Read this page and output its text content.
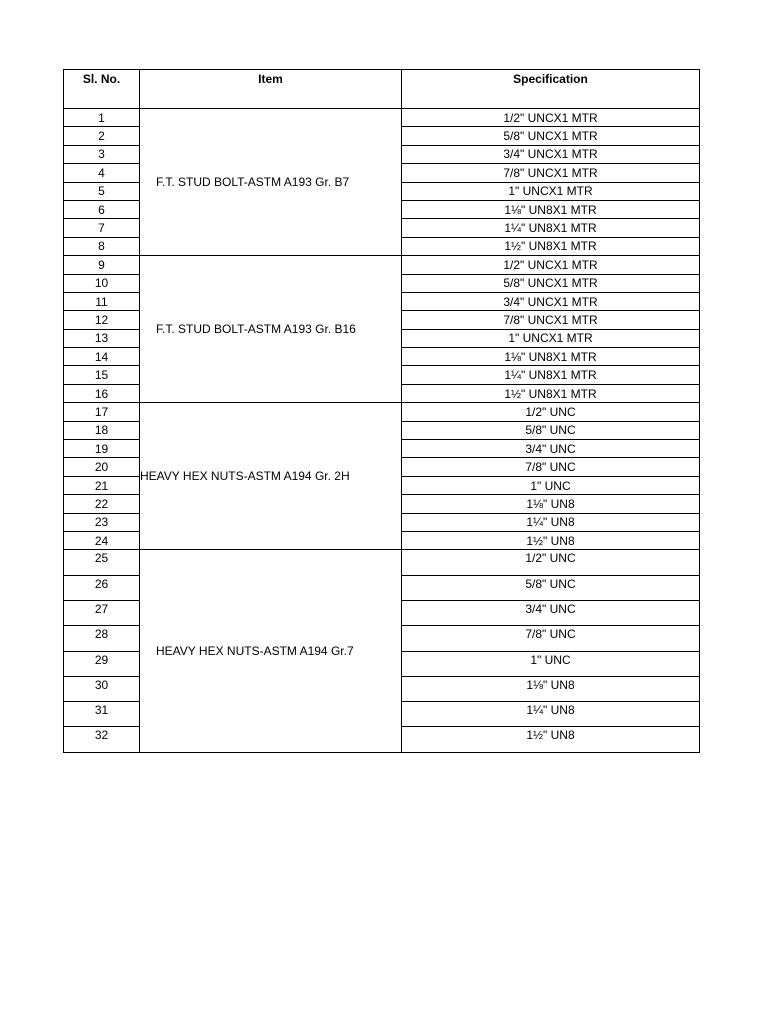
Sl. No.	Item	Specification
1	F.T. STUD BOLT-ASTM A193 Gr. B7	1/2" UNCX1 MTR
2		5/8" UNCX1 MTR
3		3/4" UNCX1 MTR
4		7/8" UNCX1 MTR
5		1" UNCX1 MTR
6		1⅛" UN8X1 MTR
7		1¼" UN8X1 MTR
8		1½" UN8X1 MTR
9	F.T. STUD BOLT-ASTM A193 Gr. B16	1/2" UNCX1 MTR
10		5/8" UNCX1 MTR
11		3/4" UNCX1 MTR
12		7/8" UNCX1 MTR
13		1" UNCX1 MTR
14		1⅛" UN8X1 MTR
15		1¼" UN8X1 MTR
16		1½" UN8X1 MTR
17	HEAVY HEX NUTS-ASTM A194 Gr. 2H	1/2" UNC
18		5/8" UNC
19		3/4" UNC
20		7/8" UNC
21		1" UNC
22		1⅛" UN8
23		1¼" UN8
24		1½" UN8
25	HEAVY HEX NUTS-ASTM A194 Gr.7	1/2" UNC
26		5/8" UNC
27		3/4" UNC
28		7/8" UNC
29		1" UNC
30		1⅛" UN8
31		1¼" UN8
32		1½" UN8
